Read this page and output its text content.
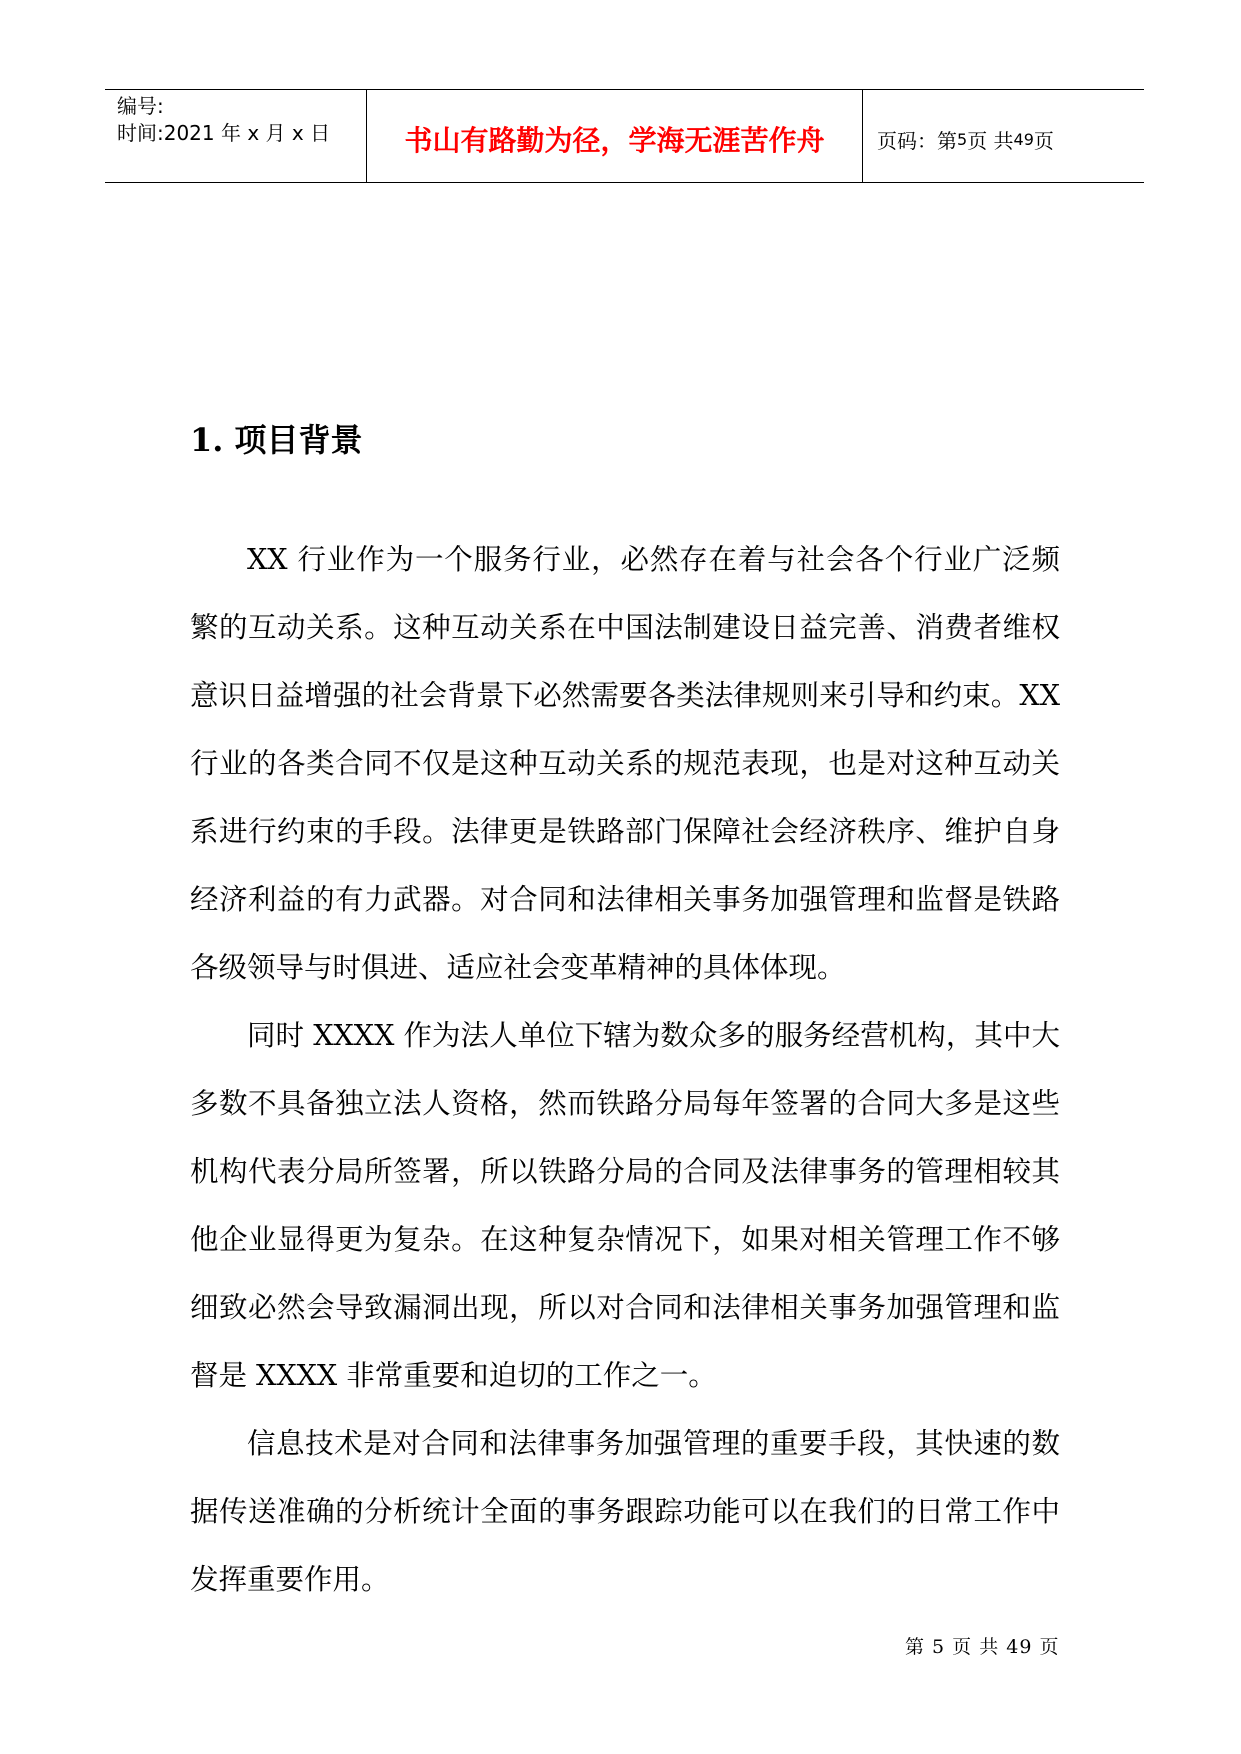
编号:
时间:2021 年 x 月 x 日	书山有路勤为径，学海无涯苦作舟	页码：第 5 页 共 49 页
1. 项目背景

XX 行业作为一个服务行业，必然存在着与社会各个行业广泛频繁的互动关系。这种互动关系在中国法制建设日益完善、消费者维权意识日益增强的社会背景下必然需要各类法律规则来引导和约束。XX 行业的各类合同不仅是这种互动关系的规范表现，也是对这种互动关系进行约束的手段。法律更是铁路部门保障社会经济秩序、维护自身经济利益的有力武器。对合同和法律相关事务加强管理和监督是铁路各级领导与时俱进、适应社会变革精神的具体体现。

同时 XXXX 作为法人单位下辖为数众多的服务经营机构，其中大多数不具备独立法人资格，然而铁路分局每年签署的合同大多是这些机构代表分局所签署，所以铁路分局的合同及法律事务的管理相较其他企业显得更为复杂。在这种复杂情况下，如果对相关管理工作不够细致必然会导致漏洞出现，所以对合同和法律相关事务加强管理和监督是 XXXX 非常重要和迫切的工作之一。

信息技术是对合同和法律事务加强管理的重要手段，其快速的数据传送准确的分析统计全面的事务跟踪功能可以在我们的日常工作中发挥重要作用。

第 5 页 共 49 页
